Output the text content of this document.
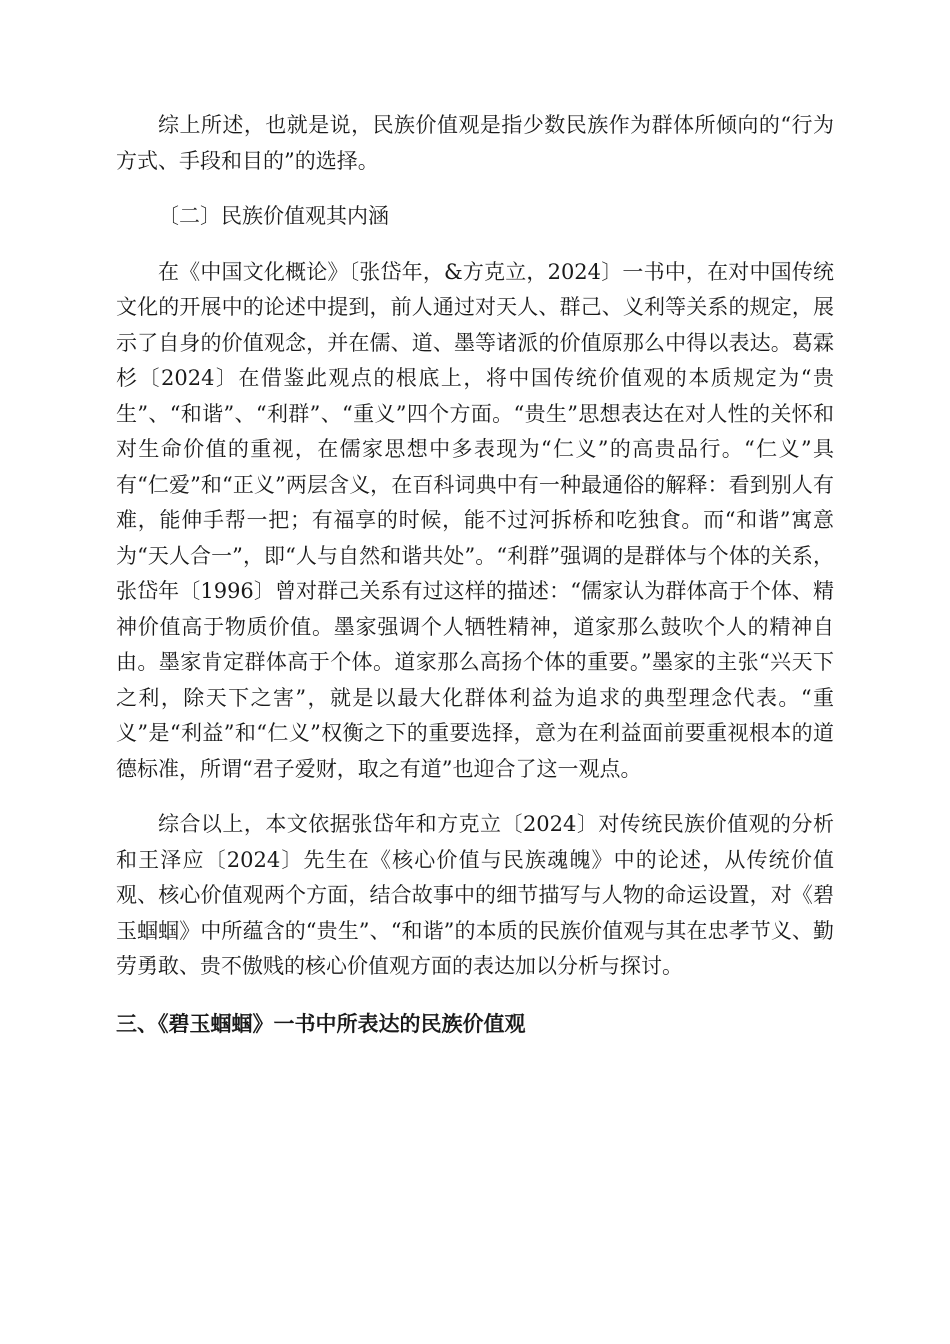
综上所述，也就是说，民族价值观是指少数民族作为群体所倾向的“行为方式、手段和目的”的选择。

〔二〕民族价值观其内涵

在《中国文化概论》〔张岱年，&方克立，2024〕一书中，在对中国传统文化的开展中的论述中提到，前人通过对天人、群己、义利等关系的规定，展示了自身的价值观念，并在儒、道、墨等诸派的价值原那么中得以表达。葛霖杉〔2024〕在借鉴此观点的根底上，将中国传统价值观的本质规定为“贵生”、“和谐”、“利群”、“重义”四个方面。“贵生”思想表达在对人性的关怀和对生命价值的重视，在儒家思想中多表现为“仁义”的高贵品行。“仁义”具有“仁爱”和“正义”两层含义，在百科词典中有一种最通俗的解释：看到别人有难，能伸手帮一把；有福享的时候，能不过河拆桥和吃独食。而“和谐”寓意为“天人合一”，即“人与自然和谐共处”。“利群”强调的是群体与个体的关系，张岱年〔1996〕曾对群己关系有过这样的描述：“儒家认为群体高于个体、精神价值高于物质价值。墨家强调个人牺牲精神，道家那么鼓吹个人的精神自由。墨家肯定群体高于个体。道家那么高扬个体的重要。”墨家的主张“兴天下之利，除天下之害”，就是以最大化群体利益为追求的典型理念代表。“重义”是“利益”和“仁义”权衡之下的重要选择，意为在利益面前要重视根本的道德标准，所谓“君子爱财，取之有道”也迎合了这一观点。

综合以上，本文依据张岱年和方克立〔2024〕对传统民族价值观的分析和王泽应〔2024〕先生在《核心价值与民族魂魄》中的论述，从传统价值观、核心价值观两个方面，结合故事中的细节描写与人物的命运设置，对《碧玉蝈蝈》中所蕴含的“贵生”、“和谐”的本质的民族价值观与其在忠孝节义、勤劳勇敢、贵不傲贱的核心价值观方面的表达加以分析与探讨。

三、《碧玉蝈蝈》一书中所表达的民族价值观
